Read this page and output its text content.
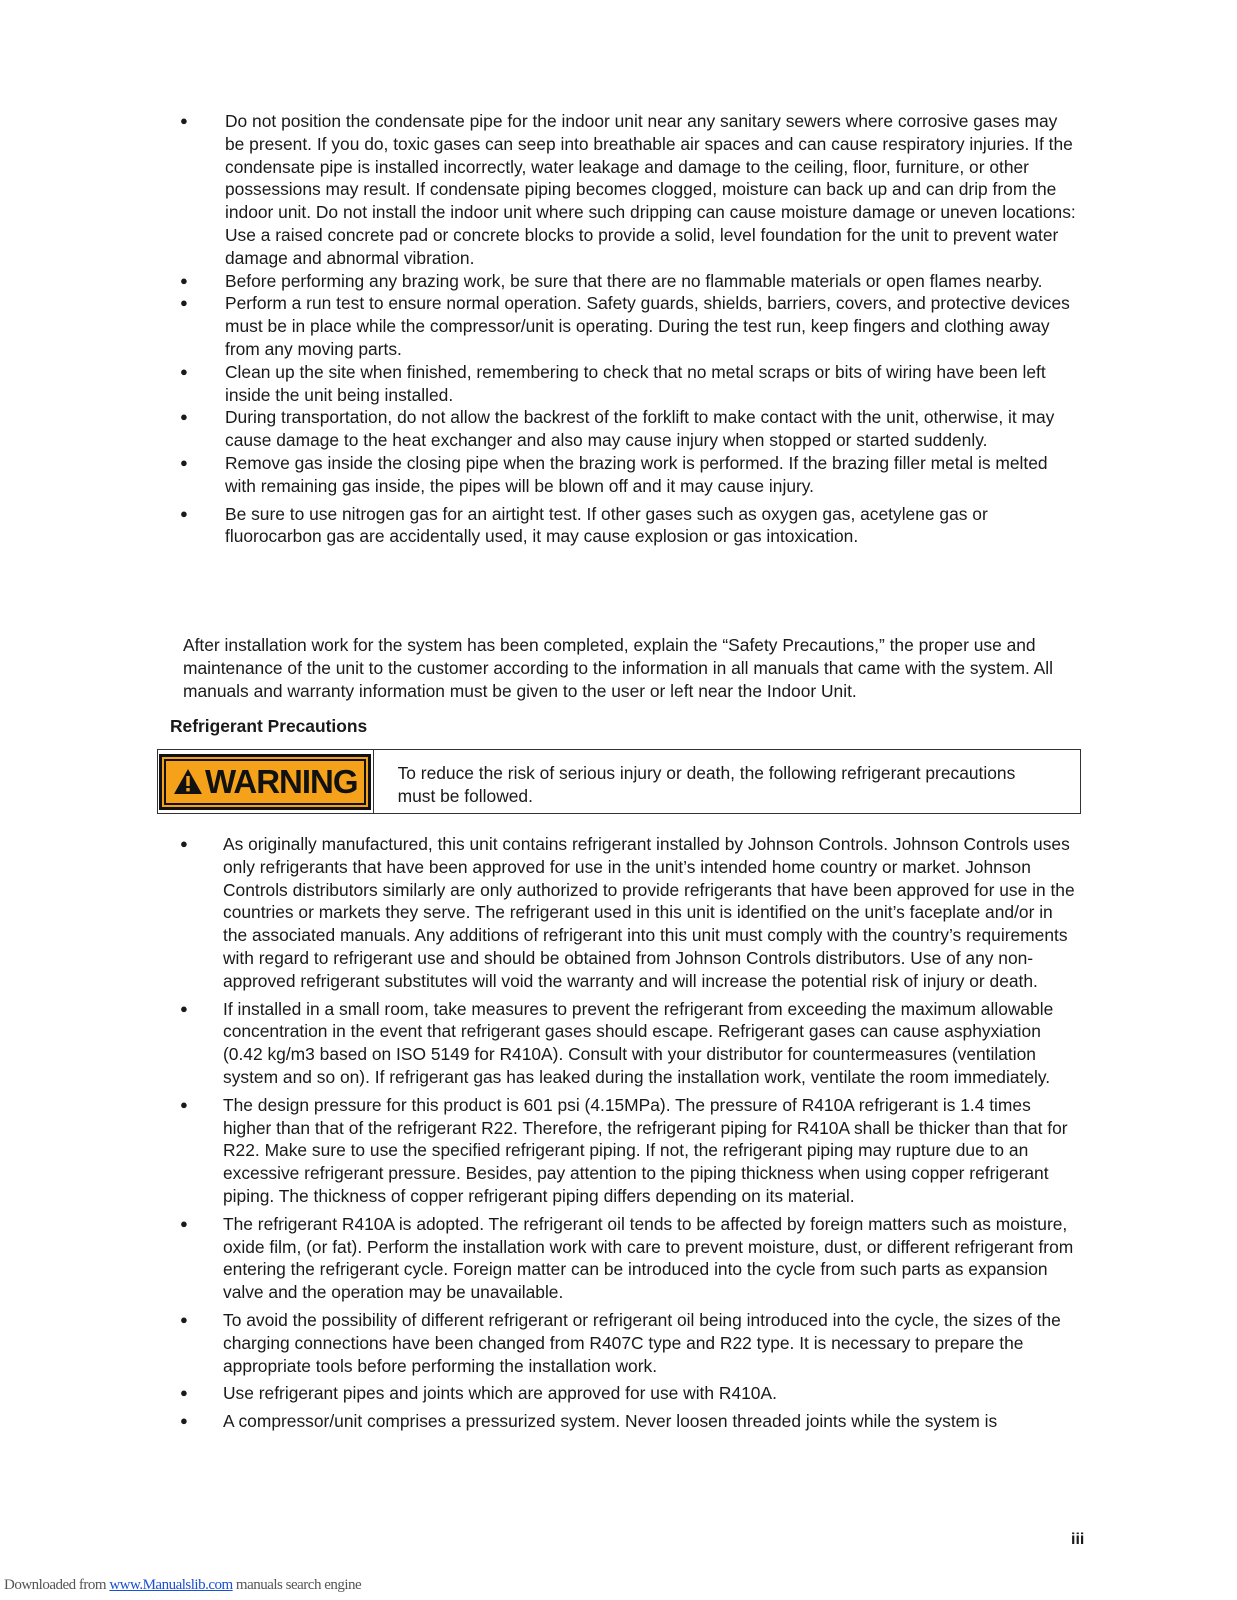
● Do not position the condensate pipe for the indoor unit near any sanitary sewers where corrosive gases may be present. If you do, toxic gases can seep into breathable air spaces and can cause respiratory injuries. If the condensate pipe is installed incorrectly, water leakage and damage to the ceiling, floor, furniture, or other possessions may result. If condensate piping becomes clogged, moisture can back up and can drip from the indoor unit. Do not install the indoor unit where such dripping can cause moisture damage or uneven locations: Use a raised concrete pad or concrete blocks to provide a solid, level foundation for the unit to prevent water damage and abnormal vibration.
● Before performing any brazing work, be sure that there are no flammable materials or open flames nearby.
● Perform a run test to ensure normal operation. Safety guards, shields, barriers, covers, and protective devices must be in place while the compressor/unit is operating. During the test run, keep fingers and clothing away from any moving parts.
● Clean up the site when finished, remembering to check that no metal scraps or bits of wiring have been left inside the unit being installed.
● During transportation, do not allow the backrest of the forklift to make contact with the unit, otherwise, it may cause damage to the heat exchanger and also may cause injury when stopped or started suddenly.
● Remove gas inside the closing pipe when the brazing work is performed. If the brazing filler metal is melted with remaining gas inside, the pipes will be blown off and it may cause injury.
● Be sure to use nitrogen gas for an airtight test. If other gases such as oxygen gas, acetylene gas or fluorocarbon gas are accidentally used, it may cause explosion or gas intoxication.

After installation work for the system has been completed, explain the “Safety Precautions,” the proper use and maintenance of the unit to the customer according to the information in all manuals that came with the system. All manuals and warranty information must be given to the user or left near the Indoor Unit.

Refrigerant Precautions

WARNING	To reduce the risk of serious injury or death, the following refrigerant precautions must be followed.
● As originally manufactured, this unit contains refrigerant installed by Johnson Controls. Johnson Controls uses only refrigerants that have been approved for use in the unit’s intended home country or market. Johnson Controls distributors similarly are only authorized to provide refrigerants that have been approved for use in the countries or markets they serve. The refrigerant used in this unit is identified on the unit’s faceplate and/or in the associated manuals. Any additions of refrigerant into this unit must comply with the country’s requirements with regard to refrigerant use and should be obtained from Johnson Controls distributors. Use of any non-approved refrigerant substitutes will void the warranty and will increase the potential risk of injury or death.
● If installed in a small room, take measures to prevent the refrigerant from exceeding the maximum allowable concentration in the event that refrigerant gases should escape. Refrigerant gases can cause asphyxiation (0.42 kg/m3 based on ISO 5149 for R410A). Consult with your distributor for countermeasures (ventilation system and so on). If refrigerant gas has leaked during the installation work, ventilate the room immediately.
● The design pressure for this product is 601 psi (4.15MPa). The pressure of R410A refrigerant is 1.4 times higher than that of the refrigerant R22. Therefore, the refrigerant piping for R410A shall be thicker than that for R22. Make sure to use the specified refrigerant piping. If not, the refrigerant piping may rupture due to an excessive refrigerant pressure. Besides, pay attention to the piping thickness when using copper refrigerant piping. The thickness of copper refrigerant piping differs depending on its material.
● The refrigerant R410A is adopted. The refrigerant oil tends to be affected by foreign matters such as moisture, oxide film, (or fat). Perform the installation work with care to prevent moisture, dust, or different refrigerant from entering the refrigerant cycle. Foreign matter can be introduced into the cycle from such parts as expansion valve and the operation may be unavailable.
● To avoid the possibility of different refrigerant or refrigerant oil being introduced into the cycle, the sizes of the charging connections have been changed from R407C type and R22 type. It is necessary to prepare the appropriate tools before performing the installation work.
● Use refrigerant pipes and joints which are approved for use with R410A.
● A compressor/unit comprises a pressurized system. Never loosen threaded joints while the system is

iii

Downloaded from www.Manualslib.com manuals search engine
